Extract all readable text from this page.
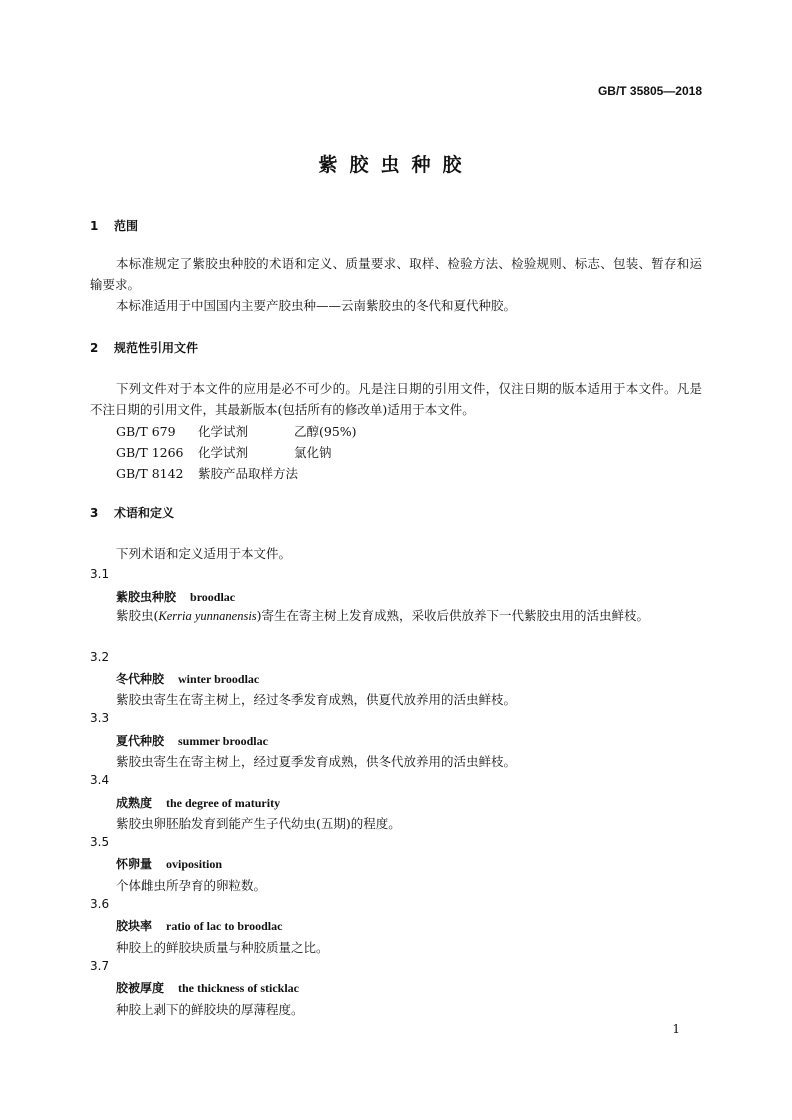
GB/T 35805—2018
紫胶虫种胶
1 范围
本标准规定了紫胶虫种胶的术语和定义、质量要求、取样、检验方法、检验规则、标志、包装、暂存和运输要求。
本标准适用于中国国内主要产胶虫种——云南紫胶虫的冬代和夏代种胶。
2 规范性引用文件
下列文件对于本文件的应用是必不可少的。凡是注日期的引用文件，仅注日期的版本适用于本文件。凡是不注日期的引用文件，其最新版本(包括所有的修改单)适用于本文件。
GB/T 679 化学试剂	乙醇(95%)
GB/T 1266 化学试剂	氯化钠
GB/T 8142 紫胶产品取样方法
3 术语和定义
下列术语和定义适用于本文件。
3.1
紫胶虫种胶 broodlac
紫胶虫(Kerria yunnanensis)寄生在寄主树上发育成熟，采收后供放养下一代紫胶虫用的活虫鲜枝。
3.2
冬代种胶 winter broodlac
紫胶虫寄生在寄主树上，经过冬季发育成熟，供夏代放养用的活虫鲜枝。
3.3
夏代种胶 summer broodlac
紫胶虫寄生在寄主树上，经过夏季发育成熟，供冬代放养用的活虫鲜枝。
3.4
成熟度 the degree of maturity
紫胶虫卵胚胎发育到能产生子代幼虫(五期)的程度。
3.5
怀卵量 oviposition
个体雌虫所孕育的卵粒数。
3.6
胶块率 ratio of lac to broodlac
种胶上的鲜胶块质量与种胶质量之比。
3.7
胶被厚度 the thickness of sticklac
种胶上剥下的鲜胶块的厚薄程度。
1
